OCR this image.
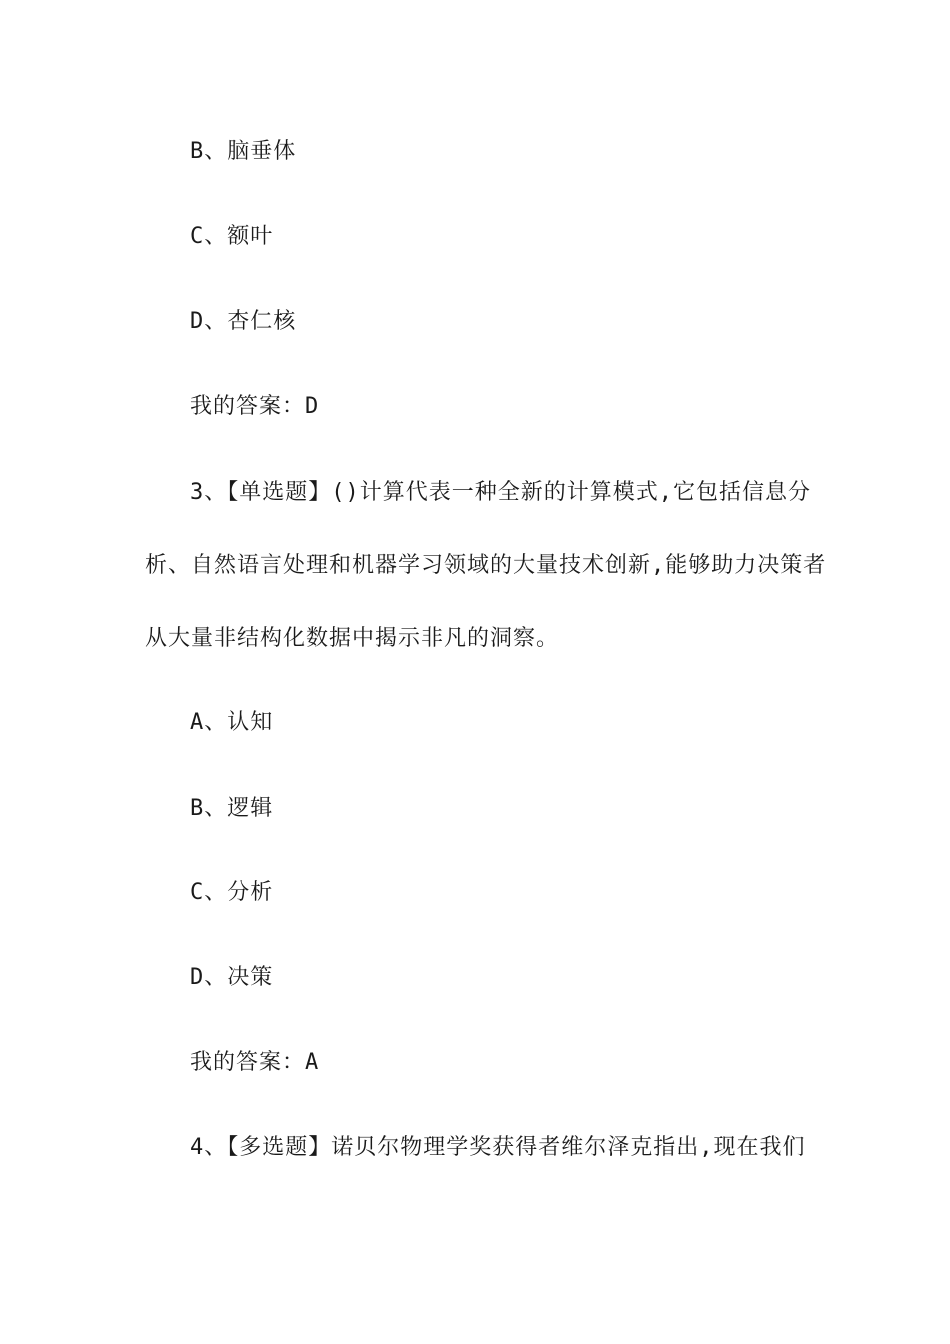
B、脑垂体
C、额叶
D、杏仁核
我的答案：D
3、【单选题】()计算代表一种全新的计算模式,它包括信息分
析、自然语言处理和机器学习领域的大量技术创新,能够助力决策者
从大量非结构化数据中揭示非凡的洞察。
A、认知
B、逻辑
C、分析
D、决策
我的答案：A
4、【多选题】诺贝尔物理学奖获得者维尔泽克指出,现在我们
